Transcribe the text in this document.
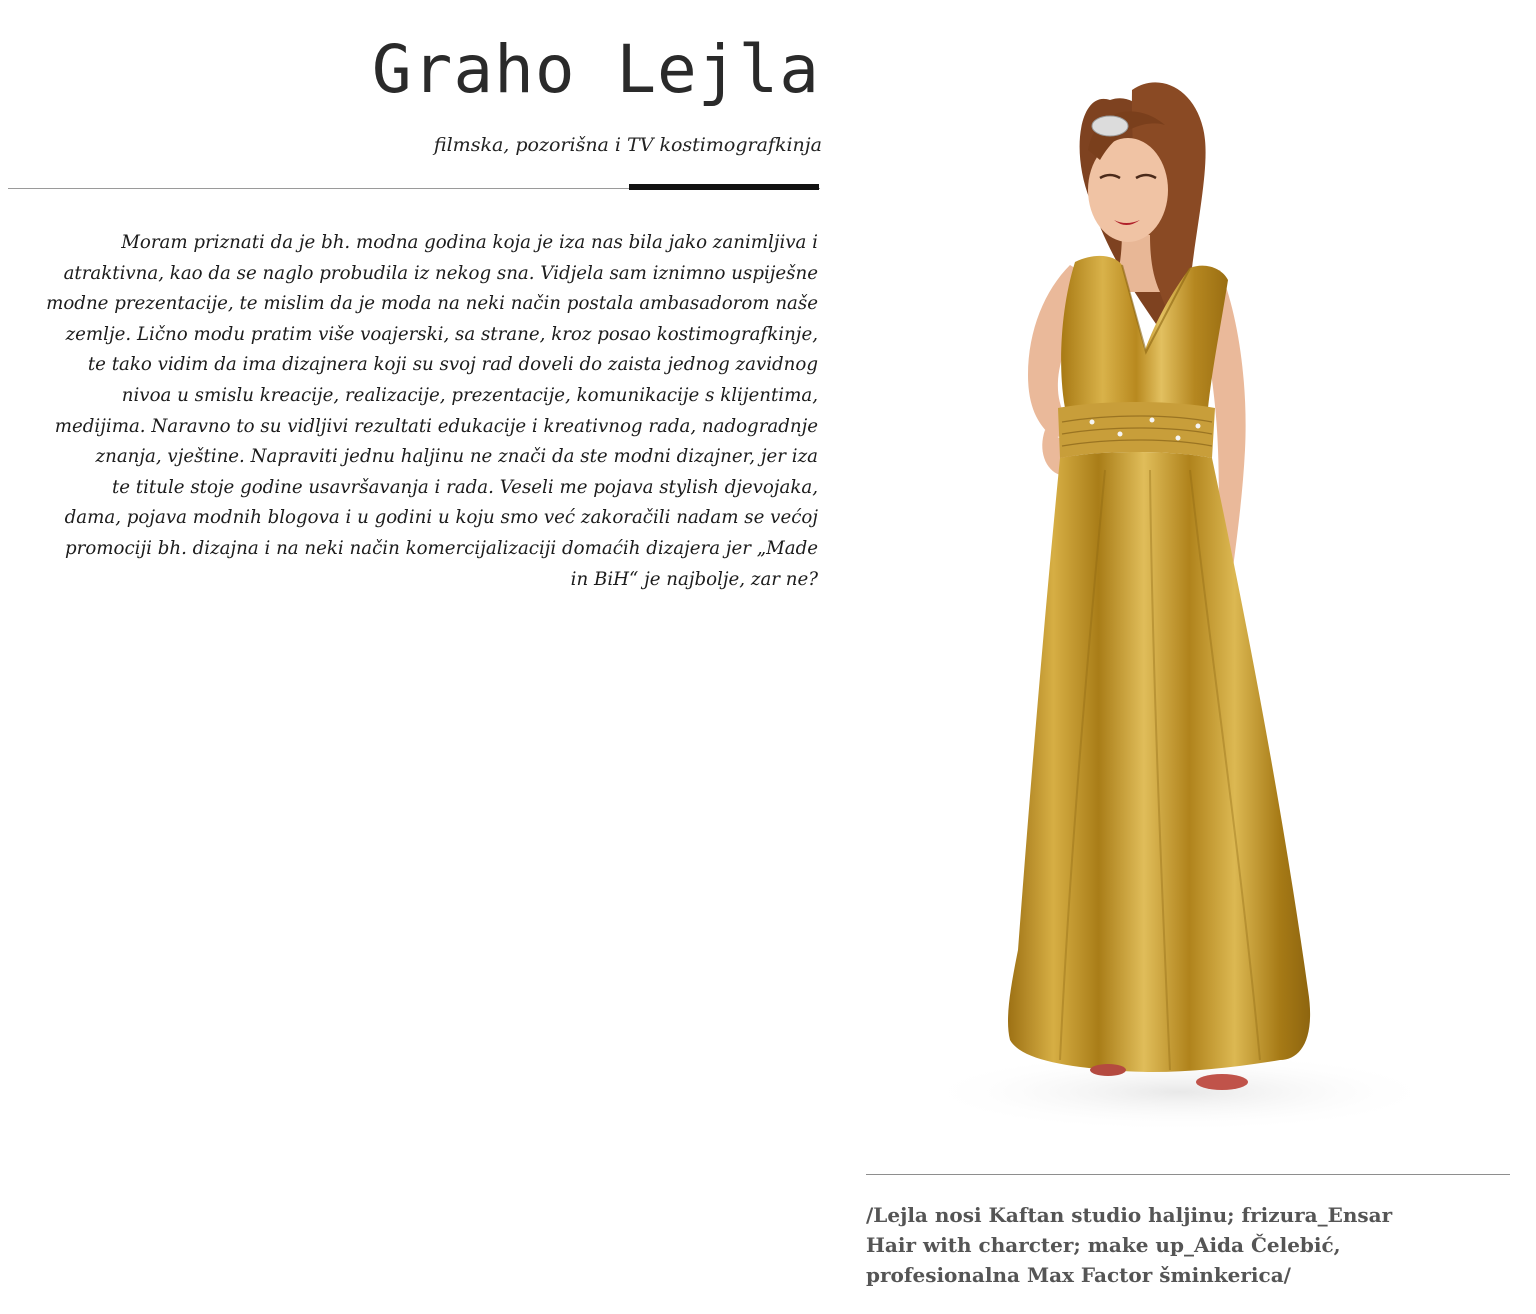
Graho Lejla
filmska, pozorišna i TV kostimografkinja
Moram priznati da je bh. modna godina koja je iza nas bila jako zanimljiva i
atraktivna, kao da se naglo probudila iz nekog sna. Vidjela sam iznimno uspiješne
modne prezentacije, te mislim da je moda na neki način postala ambasadorom naše
zemlje. Lično modu pratim više voajerski, sa strane, kroz posao kostimografkinje,
te tako vidim da ima dizajnera koji su svoj rad doveli do zaista jednog zavidnog
nivoa u smislu kreacije, realizacije, prezentacije, komunikacije s klijentima,
medijima. Naravno to su vidljivi rezultati edukacije i kreativnog rada, nadogradnje
znanja, vještine. Napraviti jednu haljinu ne znači da ste modni dizajner, jer iza
te titule stoje godine usavršavanja i rada. Veseli me pojava stylish djevojaka,
dama, pojava modnih blogova i u godini u koju smo već zakoračili nadam se većoj
promociji bh. dizajna i na neki način komercijalizaciji domaćih dizajera jer „Made
in BiH“ je najbolje, zar ne?
/Lejla nosi Kaftan studio haljinu; frizura_Ensar
Hair with charcter; make up_Aida Čelebić,
profesionalna Max Factor šminkerica/
